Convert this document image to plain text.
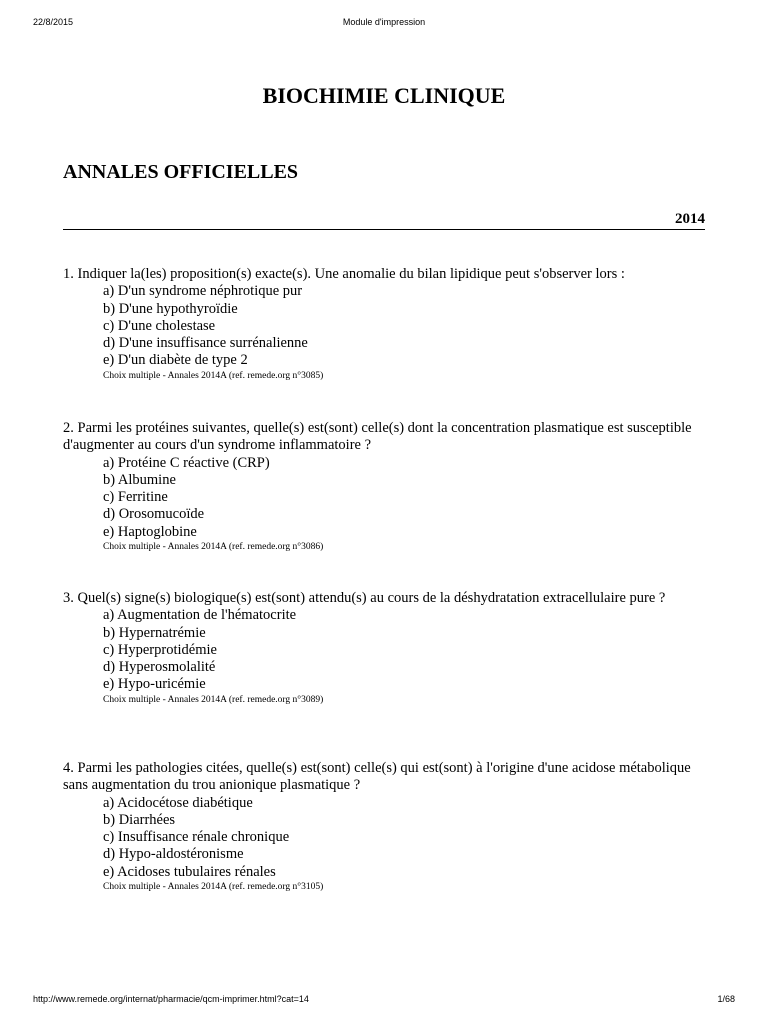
22/8/2015	Module d'impression
BIOCHIMIE CLINIQUE
ANNALES OFFICIELLES
2014

1. Indiquer la(les) proposition(s) exacte(s). Une anomalie du bilan lipidique peut s'observer lors :

a) D'un syndrome néphrotique pur
b) D'une hypothyroïdie
c) D'une cholestase
d) D'une insuffisance surrénalienne
e) D'un diabète de type 2
Choix multiple - Annales 2014A (ref. remede.org n°3085)

2. Parmi les protéines suivantes, quelle(s) est(sont) celle(s) dont la concentration plasmatique est susceptible d'augmenter au cours d'un syndrome inflammatoire ?

a) Protéine C réactive (CRP)
b) Albumine
c) Ferritine
d) Orosomucoïde
e) Haptoglobine
Choix multiple - Annales 2014A (ref. remede.org n°3086)

3. Quel(s) signe(s) biologique(s) est(sont) attendu(s) au cours de la déshydratation extracellulaire pure ?

a) Augmentation de l'hématocrite
b) Hypernatrémie
c) Hyperprotidémie
d) Hyperosmolalité
e) Hypo-uricémie
Choix multiple - Annales 2014A (ref. remede.org n°3089)

4. Parmi les pathologies citées, quelle(s) est(sont) celle(s) qui est(sont) à l'origine d'une acidose métabolique sans augmentation du trou anionique plasmatique ?

a) Acidocétose diabétique
b) Diarrhées
c) Insuffisance rénale chronique
d) Hypo-aldostéronisme
e) Acidoses tubulaires rénales
Choix multiple - Annales 2014A (ref. remede.org n°3105)
http://www.remede.org/internat/pharmacie/qcm-imprimer.html?cat=14	1/68
